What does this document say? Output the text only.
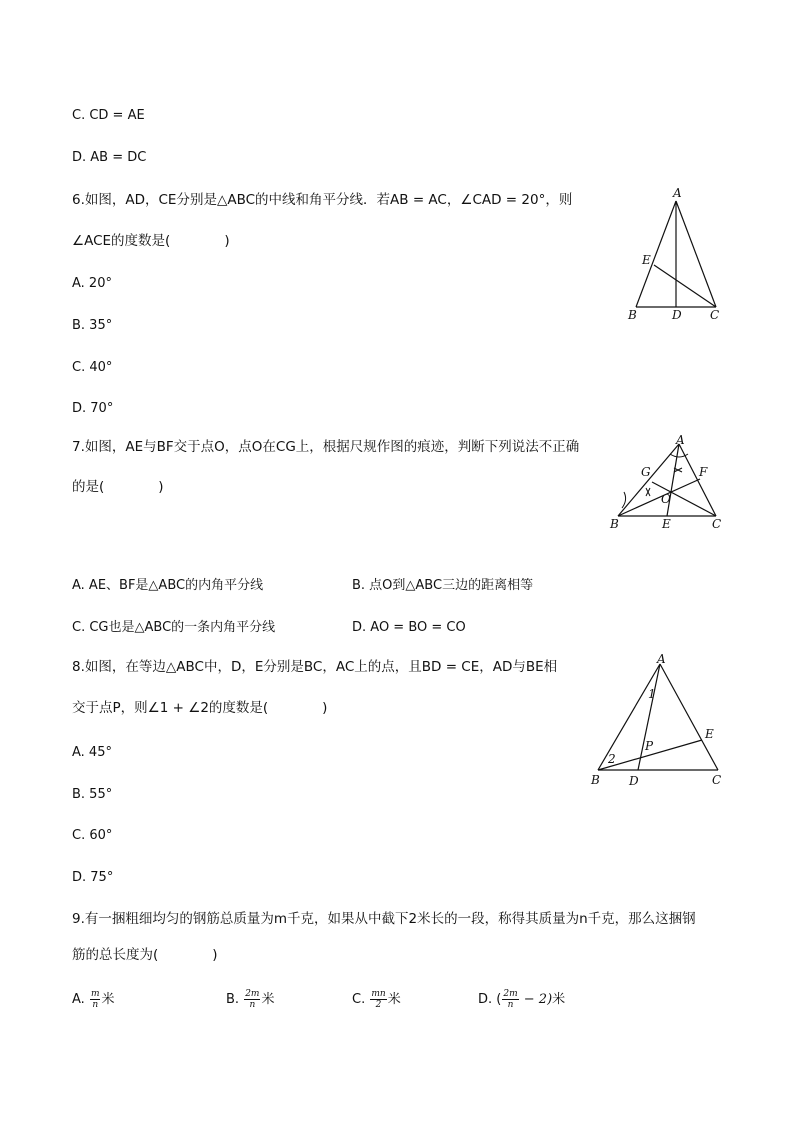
C. CD = AE
D. AB = DC
6.如图，AD，CE分别是△ABC的中线和角平分线．若AB = AC，∠CAD = 20°，则
∠ACE的度数是(　　　　)
A. 20°
B. 35°
C. 40°
D. 70°
A
E
B	D C
7.如图，AE与BF交于点O，点O在CG上，根据尺规作图的痕迹，判断下列说法不正确
的是(　　　　)
A. AE、BF是△ABC的内角平分线	B. 点O到△ABC三边的距离相等
C. CG也是△ABC的一条内角平分线	D. AO = BO = CO
A
G	F
O
B	E	C
8.如图，在等边△ABC中，D，E分别是BC，AC上的点，且BD = CE，AD与BE相
交于点P，则∠1 + ∠2的度数是(　　　　)
A. 45°
B. 55°
C. 60°
D. 75°
A
1
E
2
P
B D	C
9.有一捆粗细均匀的钢筋总质量为m千克，如果从中截下2米长的一段，称得其质量为n千克，那么这捆钢
筋的总长度为(　　　　)
A. $\frac{m}{n}$ 米	B. $\frac{2m}{n}$ 米	C. $\frac{mn}{2}$ 米	D. ( $\frac{2m}{n} - 2$)米
